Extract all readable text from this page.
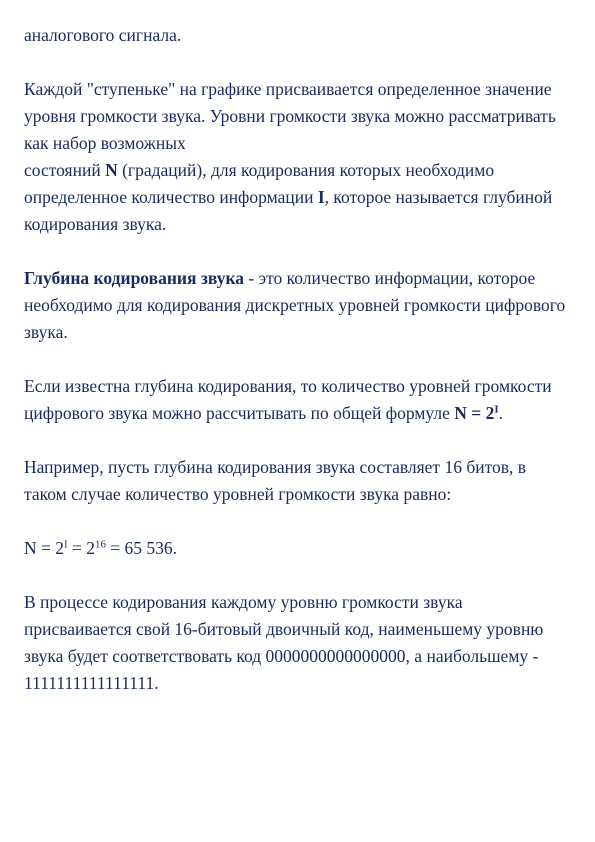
аналогового сигнала.

Каждой "ступеньке" на графике присваивается определенное значение уровня громкости звука. Уровни громкости звука можно рассматривать как набор возможных
состояний N (градаций), для кодирования которых необходимо определенное количество информации I, которое называется глубиной кодирования звука.

Глубина кодирования звука - это количество информации, которое необходимо для кодирования дискретных уровней громкости цифрового звука.

Если известна глубина кодирования, то количество уровней громкости цифрового звука можно рассчитывать по общей формуле $N = 2^I$.

Например, пусть глубина кодирования звука составляет 16 битов, в таком случае количество уровней громкости звука равно:

$N = 2^I = 2^{16} = 65$ 536.

В процессе кодирования каждому уровню громкости звука присваивается свой 16-битовый двоичный код, наименьшему уровню звука будет соответствовать код 0000000000000000, а наибольшему - 1111111111111111.
